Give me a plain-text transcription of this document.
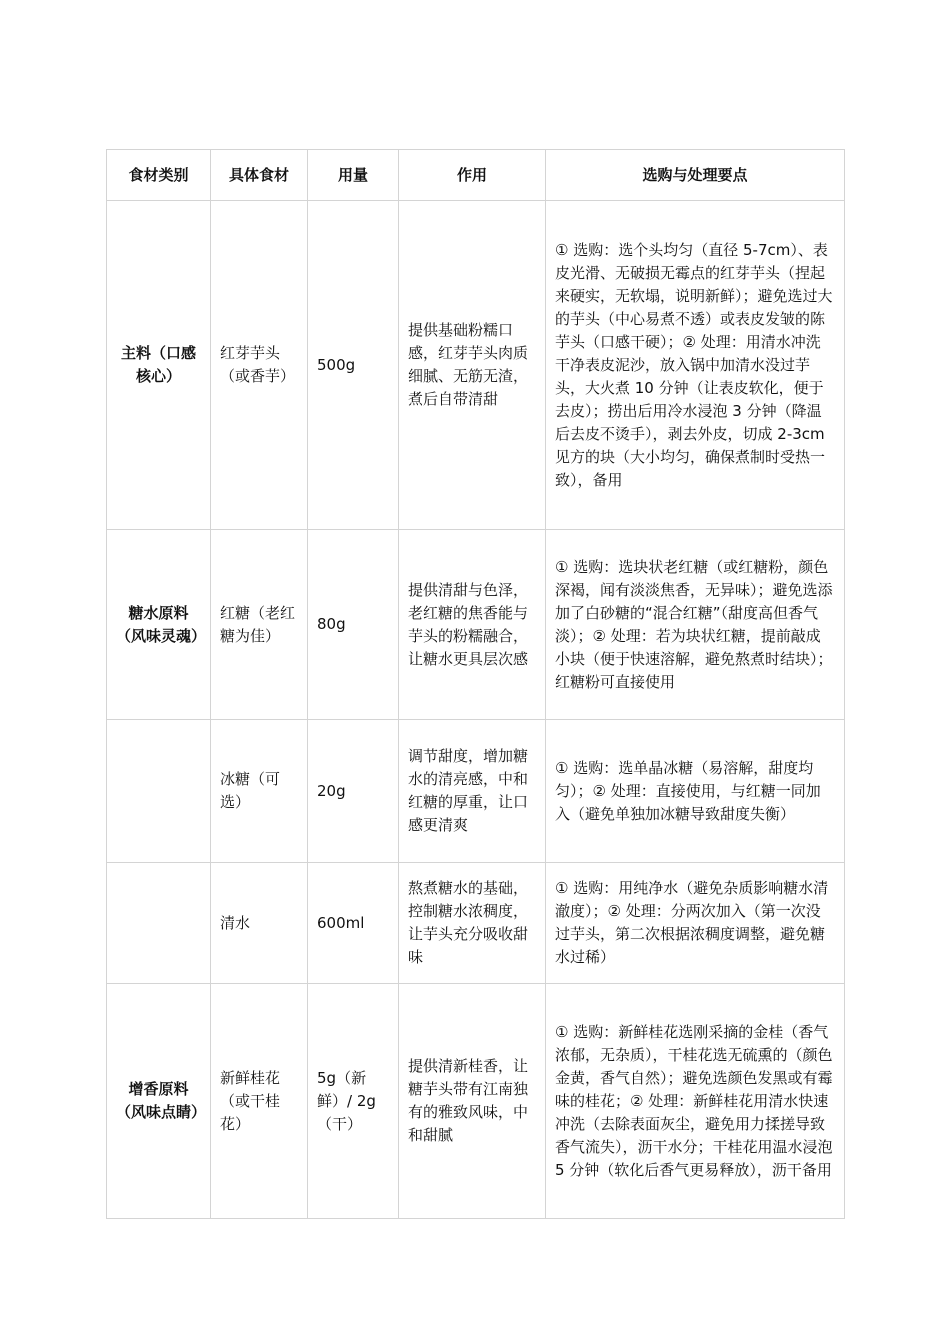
食材类别	具体食材	用量	作用	选购与处理要点
主料（口感核心）	红芽芋头（或香芋）	500g	提供基础粉糯口感，红芽芋头肉质细腻、无筋无渣，煮后自带清甜	① 选购：选个头均匀（直径 5-7cm）、表皮光滑、无破损无霉点的红芽芋头（捏起来硬实，无软塌，说明新鲜）；避免选过大的芋头（中心易煮不透）或表皮发皱的陈芋头（口感干硬）；② 处理：用清水冲洗干净表皮泥沙，放入锅中加清水没过芋头，大火煮 10 分钟（让表皮软化，便于去皮）；捞出后用冷水浸泡 3 分钟（降温后去皮不烫手），剥去外皮，切成 2-3cm 见方的块（大小均匀，确保煮制时受热一致），备用
糖水原料（风味灵魂）	红糖（老红糖为佳）	80g	提供清甜与色泽，老红糖的焦香能与芋头的粉糯融合，让糖水更具层次感	① 选购：选块状老红糖（或红糖粉，颜色深褐，闻有淡淡焦香，无异味）；避免选添加了白砂糖的“混合红糖”（甜度高但香气淡）；② 处理：若为块状红糖，提前敲成小块（便于快速溶解，避免熬煮时结块）；红糖粉可直接使用
	冰糖（可选）	20g	调节甜度，增加糖水的清亮感，中和红糖的厚重，让口感更清爽	① 选购：选单晶冰糖（易溶解，甜度均匀）；② 处理：直接使用，与红糖一同加入（避免单独加冰糖导致甜度失衡）
	清水	600ml	熬煮糖水的基础，控制糖水浓稠度，让芋头充分吸收甜味	① 选购：用纯净水（避免杂质影响糖水清澈度）；② 处理：分两次加入（第一次没过芋头，第二次根据浓稠度调整，避免糖水过稀）
增香原料（风味点睛）	新鲜桂花（或干桂花）	5g（新鲜）/ 2g（干）	提供清新桂香，让糖芋头带有江南独有的雅致风味，中和甜腻	① 选购：新鲜桂花选刚采摘的金桂（香气浓郁，无杂质），干桂花选无硫熏的（颜色金黄，香气自然）；避免选颜色发黑或有霉味的桂花；② 处理：新鲜桂花用清水快速冲洗（去除表面灰尘，避免用力揉搓导致香气流失），沥干水分；干桂花用温水浸泡 5 分钟（软化后香气更易释放），沥干备用
